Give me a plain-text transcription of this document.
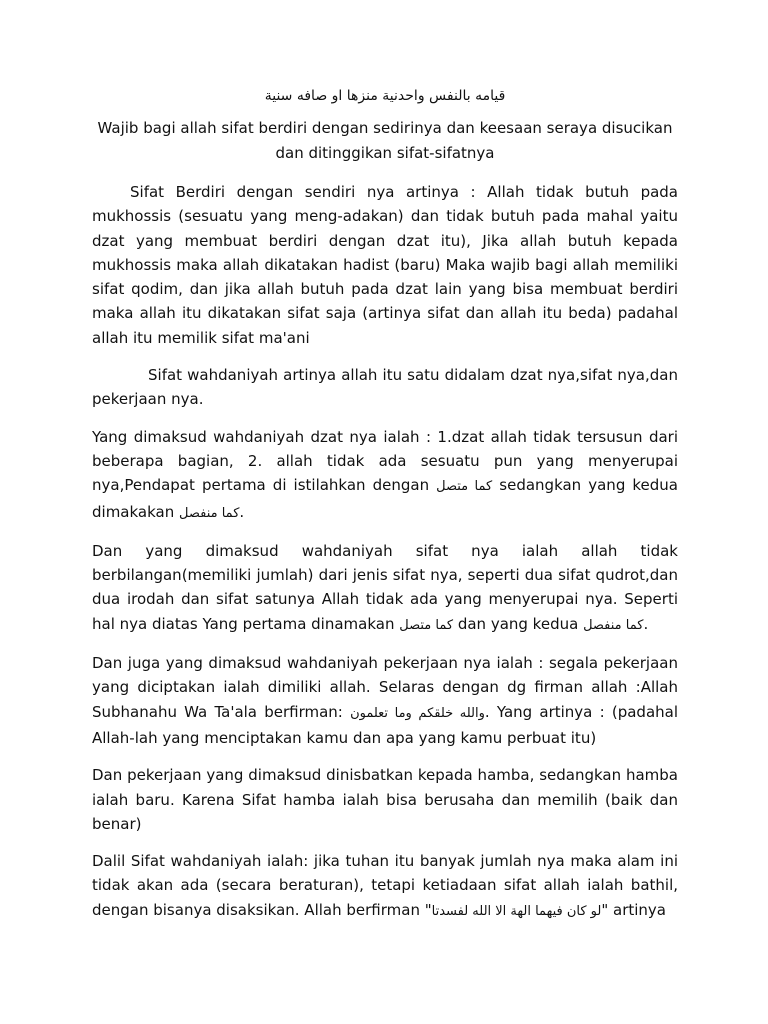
قيامه بالنفس واحدنية منزها او صافه سنية
Wajib bagi allah sifat berdiri dengan sedirinya dan keesaan seraya disucikan
dan ditinggikan sifat-sifatnya

Sifat Berdiri dengan sendiri nya artinya : Allah tidak butuh pada mukhossis (sesuatu yang meng-adakan) dan tidak butuh pada mahal yaitu dzat yang membuat berdiri dengan dzat itu), Jika allah butuh kepada mukhossis maka allah dikatakan hadist (baru) Maka wajib bagi allah memiliki sifat qodim, dan jika allah butuh pada dzat lain yang bisa membuat berdiri maka allah itu dikatakan sifat saja (artinya sifat dan allah itu beda) padahal allah itu memilik sifat ma'ani

Sifat wahdaniyah artinya allah itu satu didalam dzat nya,sifat nya,dan pekerjaan nya.

Yang dimaksud wahdaniyah dzat nya ialah : 1.dzat allah tidak tersusun dari beberapa bagian, 2. allah tidak ada sesuatu pun yang menyerupai nya,Pendapat pertama di istilahkan dengan كما متصل sedangkan yang kedua dimakakan كما منفصل.

Dan yang dimaksud wahdaniyah sifat nya ialah allah tidak berbilangan(memiliki jumlah) dari jenis sifat nya, seperti dua sifat qudrot,dan dua irodah dan sifat satunya Allah tidak ada yang menyerupai nya. Seperti hal nya diatas Yang pertama dinamakan كما متصل dan yang kedua كما منفصل.

Dan juga yang dimaksud wahdaniyah pekerjaan nya ialah : segala pekerjaan yang diciptakan ialah dimiliki allah. Selaras dengan dg firman allah :Allah Subhanahu Wa Ta'ala berfirman: والله خلقكم وما تعلمون. Yang artinya : (padahal Allah-lah yang menciptakan kamu dan apa yang kamu perbuat itu)

Dan pekerjaan yang dimaksud dinisbatkan kepada hamba, sedangkan hamba ialah baru. Karena Sifat hamba ialah bisa berusaha dan memilih (baik dan benar)

Dalil Sifat wahdaniyah ialah: jika tuhan itu banyak jumlah nya maka alam ini tidak akan ada (secara beraturan), tetapi ketiadaan sifat allah ialah bathil, dengan bisanya disaksikan. Allah berfirman "لو كان فيهما الهة الا الله لفسدتا" artinya
